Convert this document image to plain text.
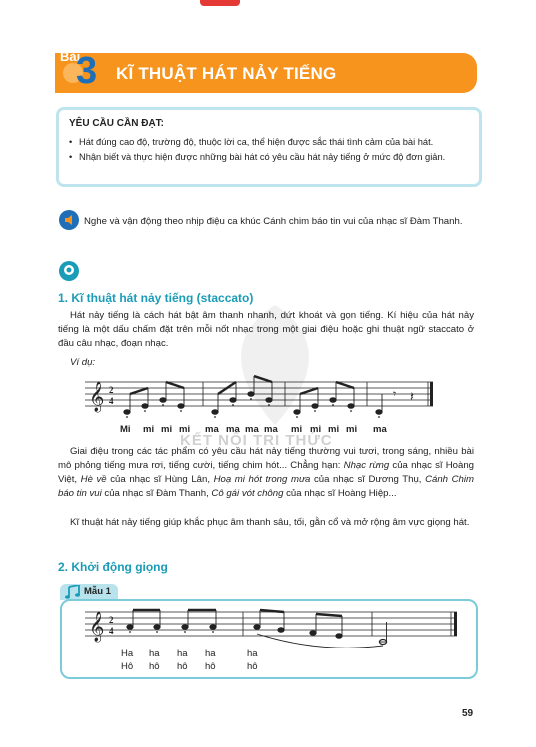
KẾT NỐI TRI THỨC
Bài
3 KĨ THUẬT HÁT NẢY TIẾNG
YÊU CẦU CẦN ĐẠT:
• Hát đúng cao độ, trường độ, thuộc lời ca, thể hiện được sắc thái tình cảm của bài hát.
• Nhận biết và thực hiện được những bài hát có yêu cầu hát nảy tiếng ở mức độ đơn giản.
Nghe và vận động theo nhịp điệu ca khúc Cánh chim báo tin vui của nhạc sĩ Đàm Thanh.
1. Kĩ thuật hát nảy tiếng (staccato)
Hát nảy tiếng là cách hát bật âm thanh nhanh, dứt khoát và gọn tiếng. Kí hiệu của hát nảy tiếng là một dấu chấm đặt trên mỗi nốt nhạc trong một giai điệu hoặc ghi thuật ngữ staccato ở đầu câu nhạc, đoạn nhạc.
Ví dụ:
𝄞 2
4	𝄾 𝄽
Mi mi mi mi ma ma ma ma mi mi mi mi ma
Giai điệu trong các tác phẩm có yêu cầu hát nảy tiếng thường vui tươi, trong sáng, nhiều bài mô phỏng tiếng mưa rơi, tiếng cười, tiếng chim hót... Chẳng hạn: Nhạc rừng của nhạc sĩ Hoàng Việt, Hè về của nhạc sĩ Hùng Lân, Hoạ mi hót trong mưa của nhạc sĩ Dương Thụ, Cánh Chim báo tin vui của nhạc sĩ Đàm Thanh, Cô gái vót chông của nhạc sĩ Hoàng Hiệp...
Kĩ thuật hát nảy tiếng giúp khắc phục âm thanh sâu, tối, gằn cổ và mở rộng âm vực giọng hát.
2. Khởi động giọng
Mẫu 1
𝄞 2
4
Ha ha ha ha	ha
Hô hô hô hô	hô
59
